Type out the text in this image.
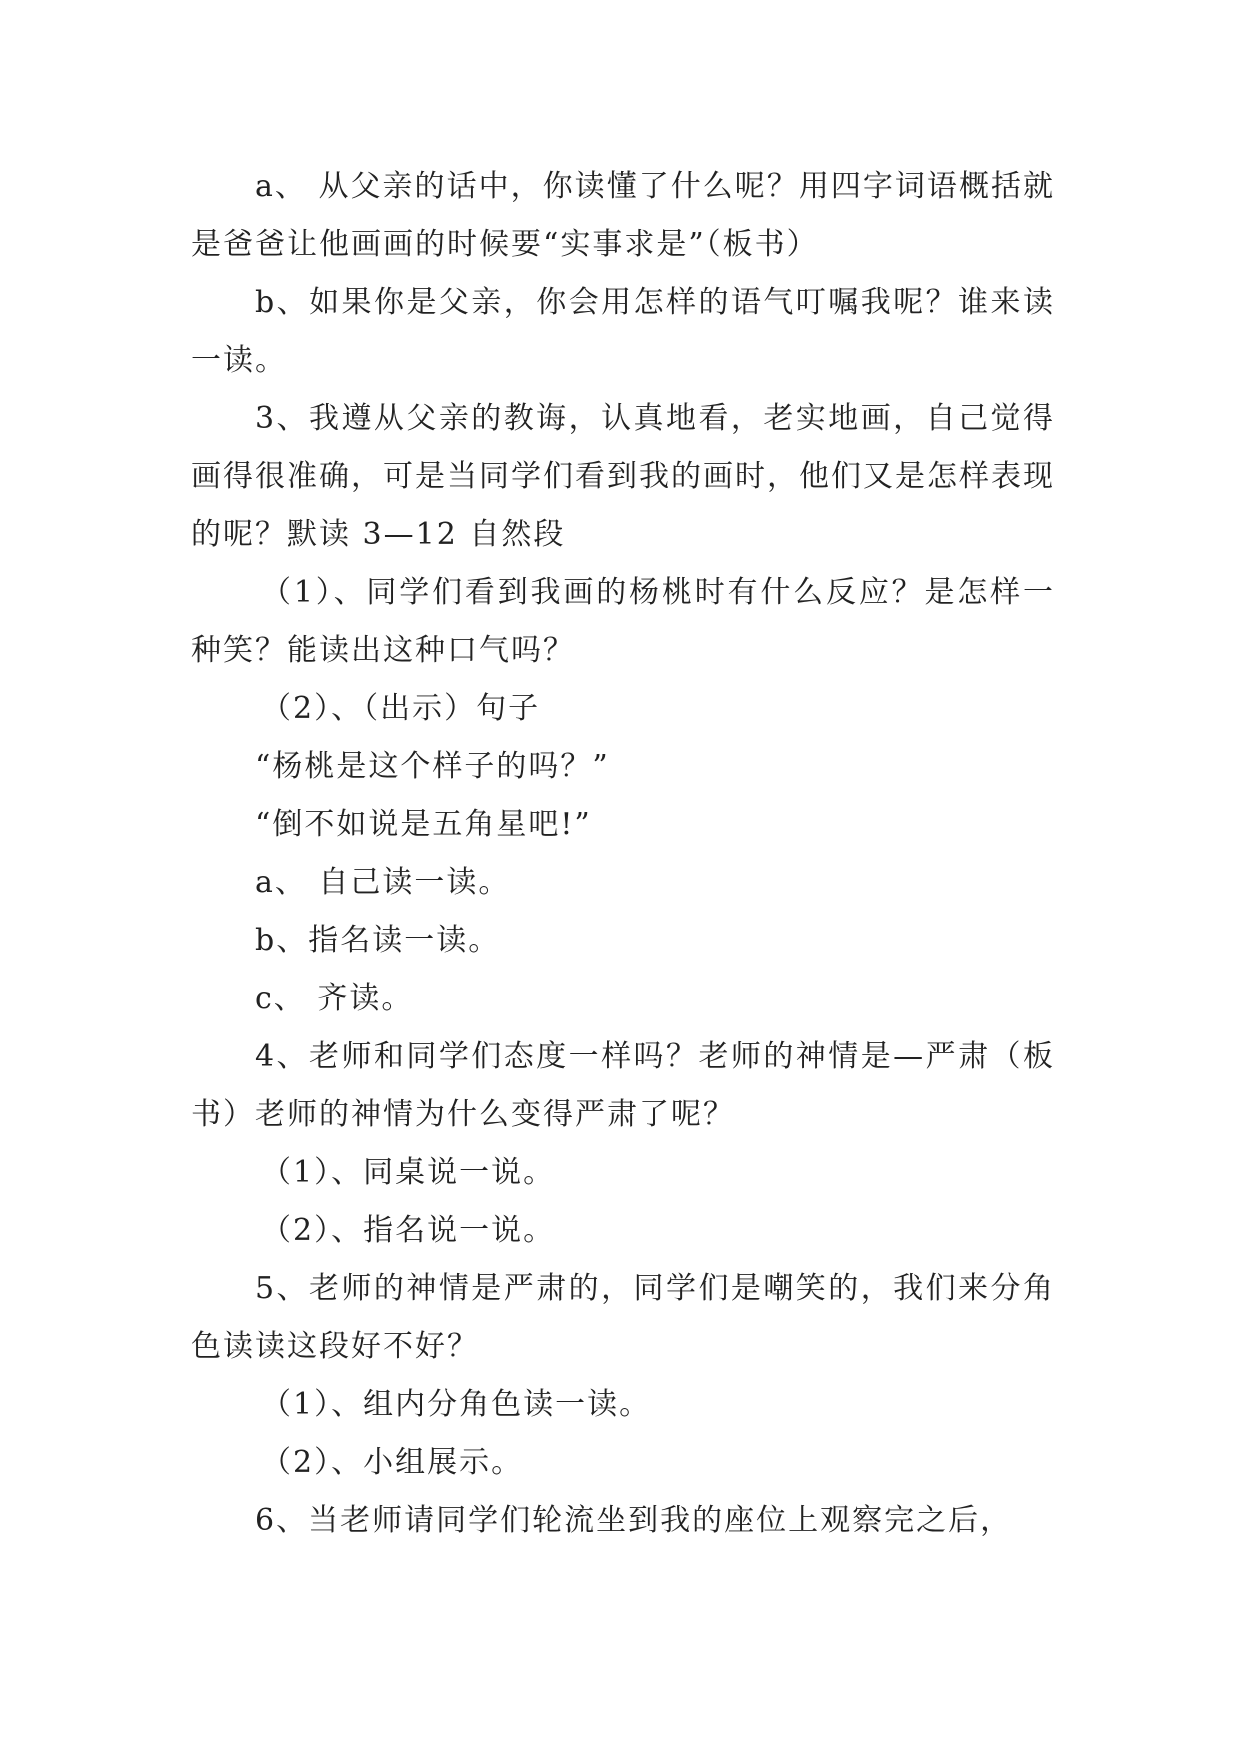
a、 从父亲的话中，你读懂了什么呢？用四字词语概括就是爸爸让他画画的时候要“实事求是”（板书）

b、如果你是父亲，你会用怎样的语气叮嘱我呢？谁来读一读。

3、我遵从父亲的教诲，认真地看，老实地画，自己觉得画得很准确，可是当同学们看到我的画时，他们又是怎样表现的呢？默读 3—12 自然段

（1）、同学们看到我画的杨桃时有什么反应？是怎样一种笑？能读出这种口气吗？

（2）、（出示）句子

“杨桃是这个样子的吗？”

“倒不如说是五角星吧!”

a、 自己读一读。

b、指名读一读。

c、 齐读。

4、老师和同学们态度一样吗？老师的神情是—严肃（板书）老师的神情为什么变得严肃了呢？

（1）、同桌说一说。

（2）、指名说一说。

5、老师的神情是严肃的，同学们是嘲笑的，我们来分角色读读这段好不好？

（1）、组内分角色读一读。

（2）、小组展示。

6、当老师请同学们轮流坐到我的座位上观察完之后，
